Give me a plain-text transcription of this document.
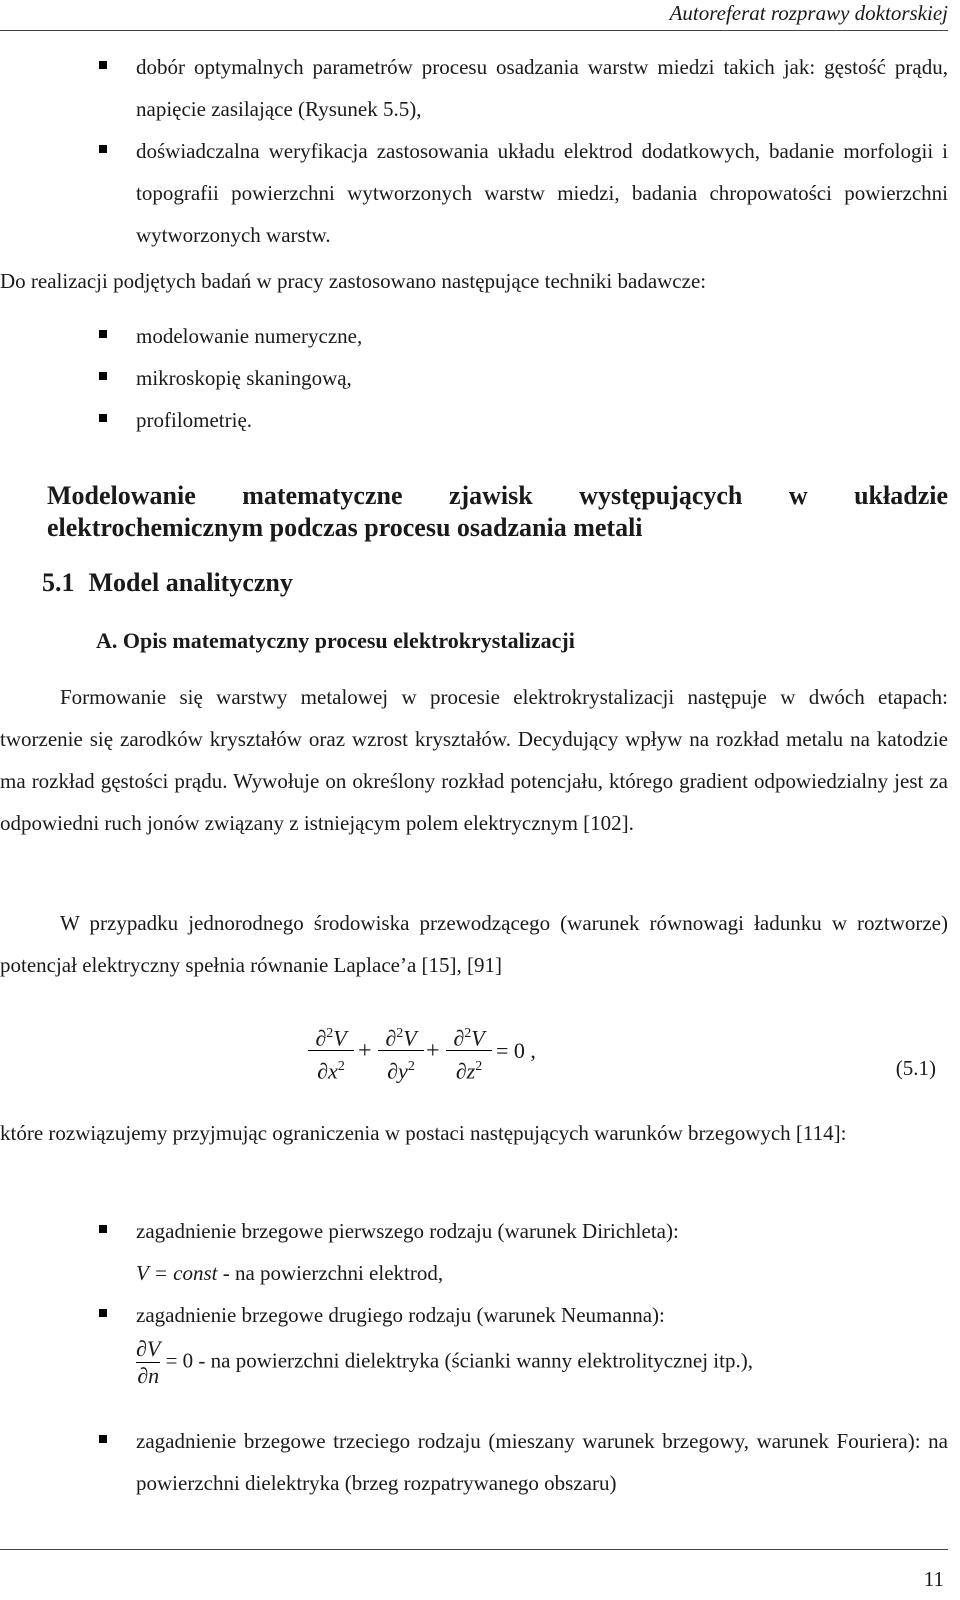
Autoreferat rozprawy doktorskiej
dobór optymalnych parametrów procesu osadzania warstw miedzi takich jak: gęstość prądu, napięcie zasilające (Rysunek 5.5),
doświadczalna weryfikacja zastosowania układu elektrod dodatkowych, badanie morfologii i topografii powierzchni wytworzonych warstw miedzi, badania chropowatości powierzchni wytworzonych warstw.

Do realizacji podjętych badań w pracy zastosowano następujące techniki badawcze:

modelowanie numeryczne,
mikroskopię skaningową,
profilometrię.
Modelowanie matematyczne zjawisk występujących w układzie
elektrochemicznym podczas procesu osadzania metali
5.1 Model analityczny
A. Opis matematyczny procesu elektrokrystalizacji

Formowanie się warstwy metalowej w procesie elektrokrystalizacji następuje w dwóch etapach: tworzenie się zarodków kryształów oraz wzrost kryształów. Decydujący wpływ na rozkład metalu na katodzie ma rozkład gęstości prądu. Wywołuje on określony rozkład potencjału, którego gradient odpowiedzialny jest za odpowiedni ruch jonów związany z istniejącym polem elektrycznym [102].

W przypadku jednorodnego środowiska przewodzącego (warunek równowagi ładunku w roztworze) potencjał elektryczny spełnia równanie Laplace’a [15], [91]

∂$^2$V
$\partial x^2$
+
∂$^2$V
$\partial y^2$
+
∂$^2$V
$\partial z^2$
= 0 ,
(5.1)

które rozwiązujemy przyjmując ograniczenia w postaci następujących warunków brzegowych [114]:

zagadnienie brzegowe pierwszego rodzaju (warunek Dirichleta):
V = const - na powierzchni elektrod,
zagadnienie brzegowe drugiego rodzaju (warunek Neumanna):

$\frac{\partial V}{\partial n} = 0$ - na powierzchni dielektryka (ścianki wanny elektrolitycznej itp.),
zagadnienie brzegowe trzeciego rodzaju (mieszany warunek brzegowy, warunek Fouriera): na powierzchni dielektryka (brzeg rozpatrywanego obszaru)
11
